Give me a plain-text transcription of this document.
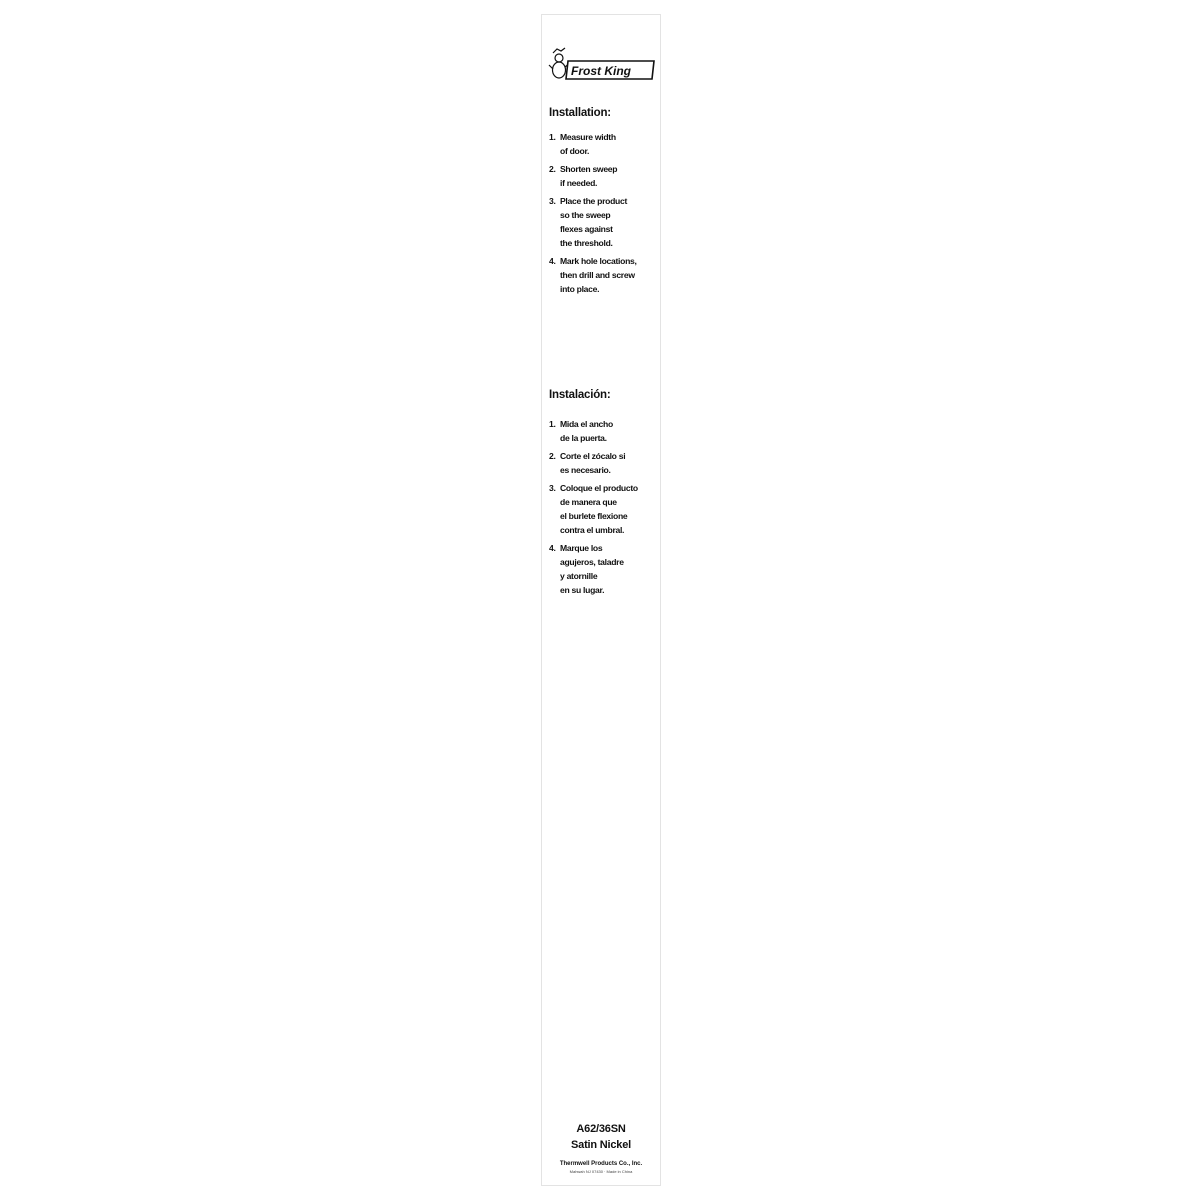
Frost King
Installation:
1. Measure width
of door.
2. Shorten sweep
if needed.
3. Place the product
so the sweep
flexes against
the threshold.
4. Mark hole locations,
then drill and screw
into place.
Instalación:
1. Mida el ancho
de la puerta.
2. Corte el zócalo si
es necesario.
3. Coloque el producto
de manera que
el burlete flexione
contra el umbral.
4. Marque los
agujeros, taladre
y atornille
en su lugar.
A62/36SN
Satin Nickel
Thermwell Products Co., Inc.
Mahwah NJ 07430 · Made in China
